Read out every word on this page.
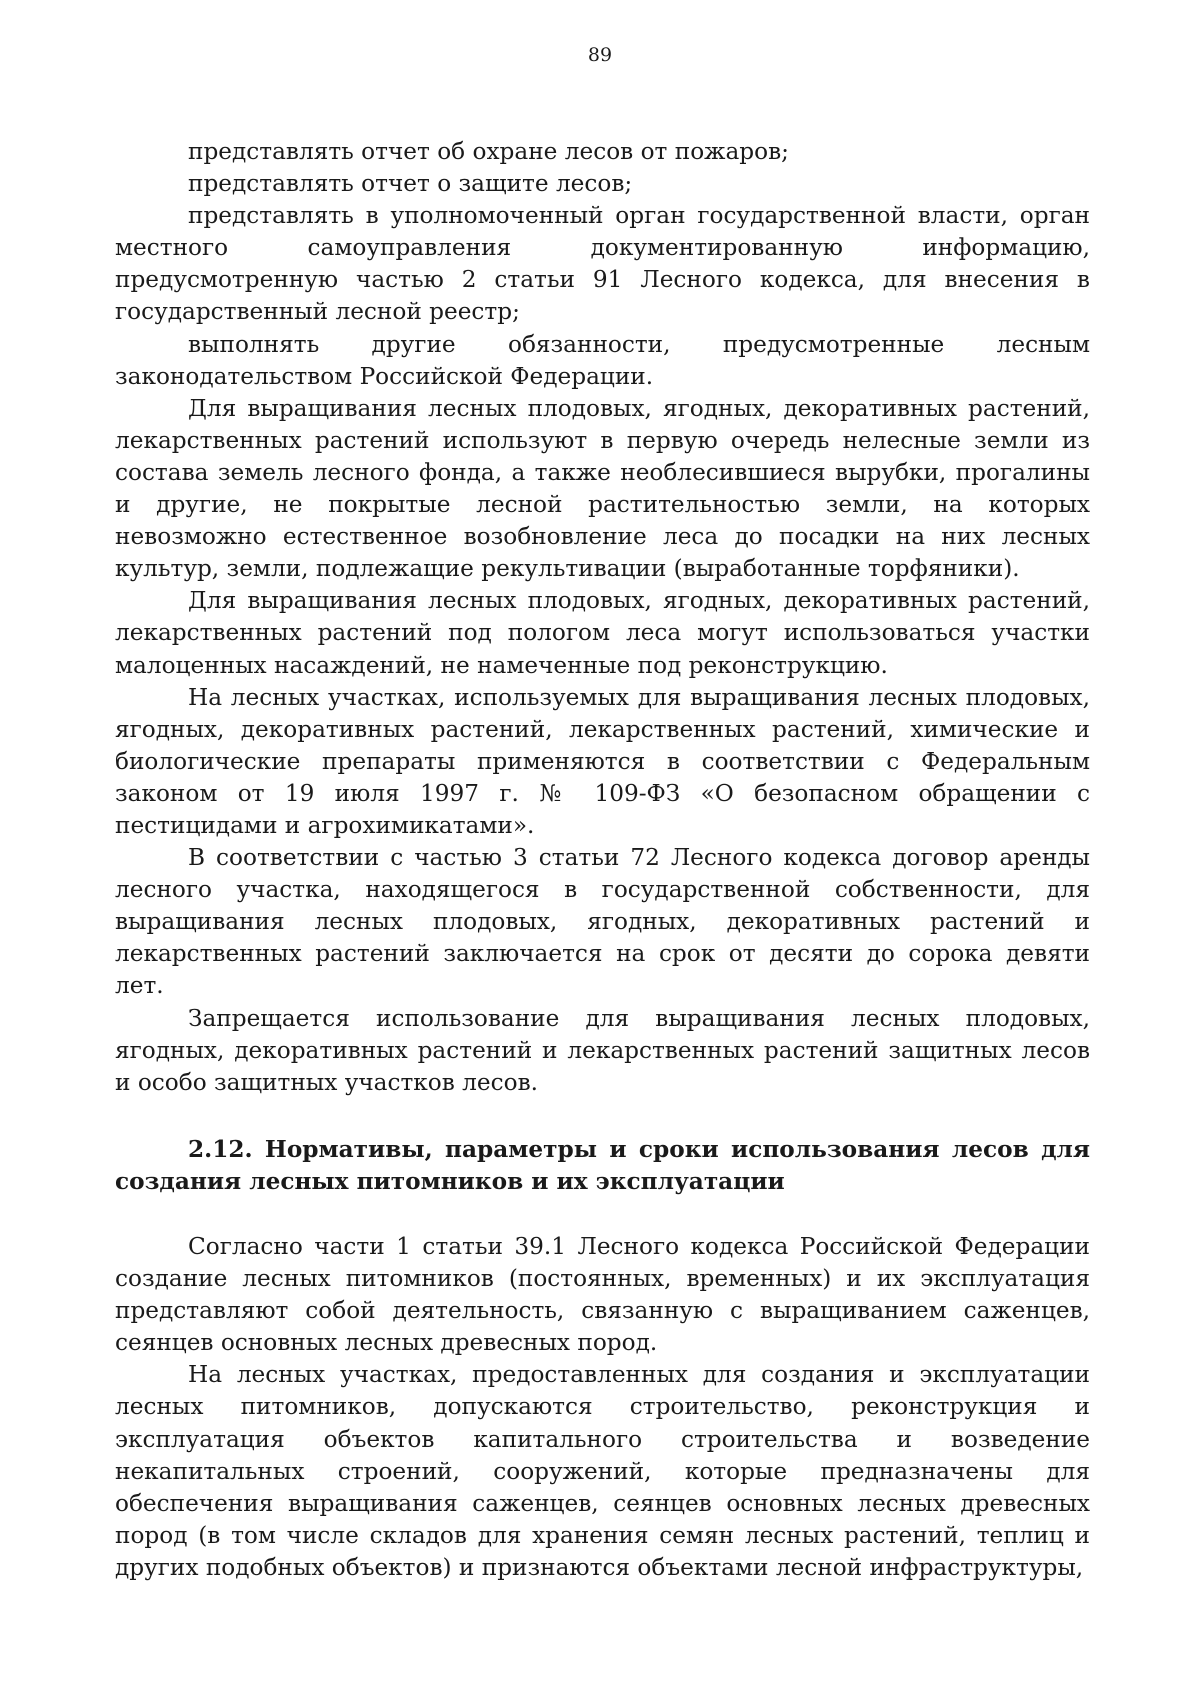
89

представлять отчет об охране лесов от пожаров;

представлять отчет о защите лесов;

представлять в уполномоченный орган государственной власти, орган местного самоуправления документированную информацию, предусмотренную частью 2 статьи 91 Лесного кодекса, для внесения в государственный лесной реестр;

выполнять другие обязанности, предусмотренные лесным законодательством Российской Федерации.

Для выращивания лесных плодовых, ягодных, декоративных растений, лекарственных растений используют в первую очередь нелесные земли из состава земель лесного фонда, а также необлесившиеся вырубки, прогалины и другие, не покрытые лесной растительностью земли, на которых невозможно естественное возобновление леса до посадки на них лесных культур, земли, подлежащие рекультивации (выработанные торфяники).

Для выращивания лесных плодовых, ягодных, декоративных растений, лекарственных растений под пологом леса могут использоваться участки малоценных насаждений, не намеченные под реконструкцию.

На лесных участках, используемых для выращивания лесных плодовых, ягодных, декоративных растений, лекарственных растений, химические и биологические препараты применяются в соответствии с Федеральным законом от 19 июля 1997 г. № 109-ФЗ «О безопасном обращении с пестицидами и агрохимикатами».

В соответствии с частью 3 статьи 72 Лесного кодекса договор аренды лесного участка, находящегося в государственной собственности, для выращивания лесных плодовых, ягодных, декоративных растений и лекарственных растений заключается на срок от десяти до сорока девяти лет.

Запрещается использование для выращивания лесных плодовых, ягодных, декоративных растений и лекарственных растений защитных лесов и особо защитных участков лесов.

2.12. Нормативы, параметры и сроки использования лесов для создания лесных питомников и их эксплуатации

Согласно части 1 статьи 39.1 Лесного кодекса Российской Федерации создание лесных питомников (постоянных, временных) и их эксплуатация представляют собой деятельность, связанную с выращиванием саженцев, сеянцев основных лесных древесных пород.

На лесных участках, предоставленных для создания и эксплуатации лесных питомников, допускаются строительство, реконструкция и эксплуатация объектов капитального строительства и возведение некапитальных строений, сооружений, которые предназначены для обеспечения выращивания саженцев, сеянцев основных лесных древесных пород (в том числе складов для хранения семян лесных растений, теплиц и других подобных объектов) и признаются объектами лесной инфраструктуры,
